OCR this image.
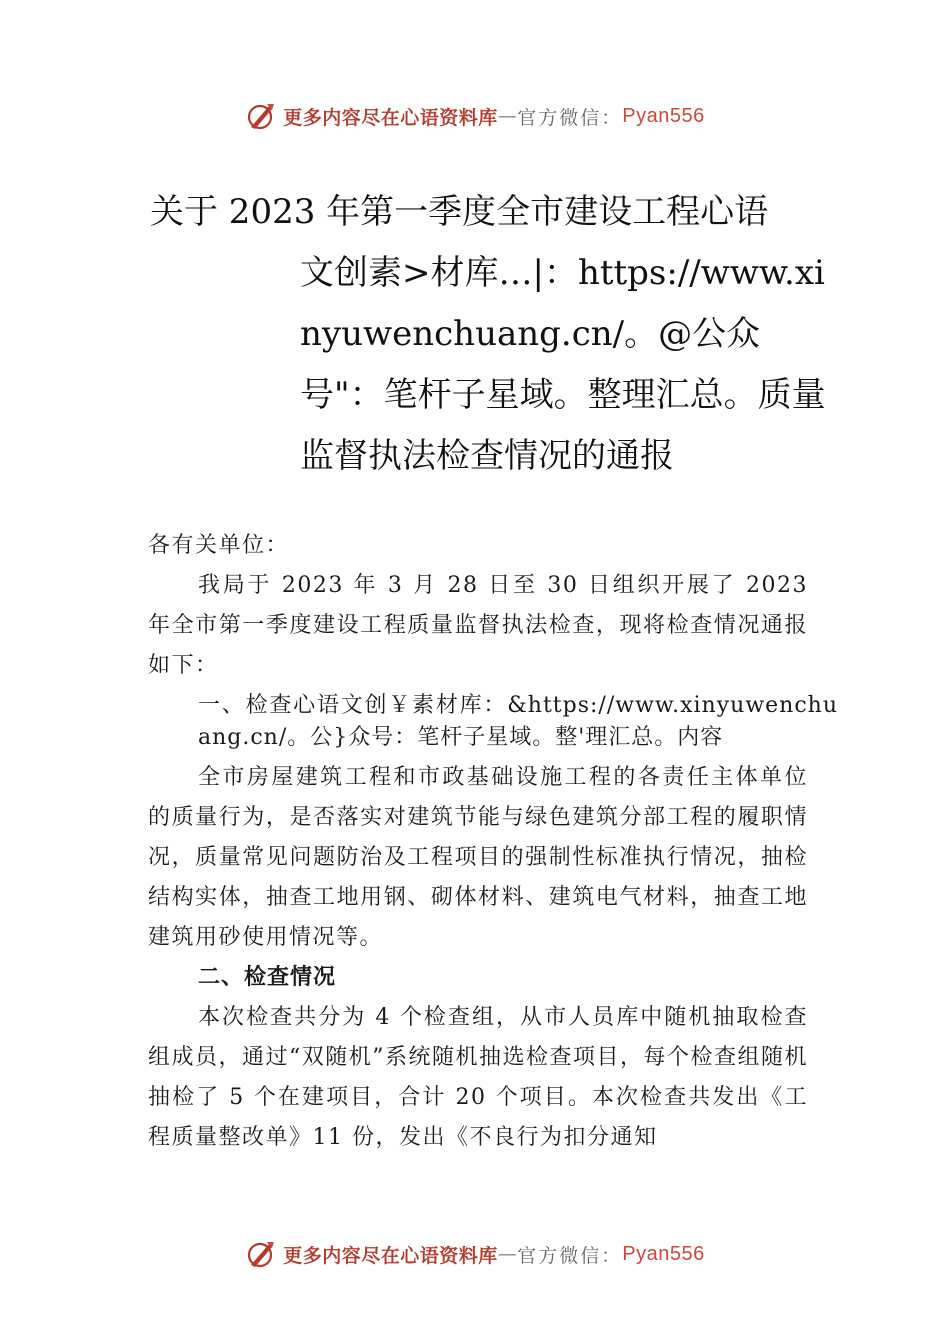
更多内容尽在心语资料库 — 官方微信： Pyan556
关于 2023 年第一季度全市建设工程心语
文创素>材库…|：https://www.xinyuwenchuang.cn/。@公众号"：笔杆子星域。整理汇总。质量监督执法检查情况的通报

各有关单位：

我局于 2023 年 3 月 28 日至 30 日组织开展了 2023 年全市第一季度建设工程质量监督执法检查，现将检查情况通报如下：

一、检查心语文创￥素材库：&https://www.xinyuwenchuang.cn/。公}众号：笔杆子星域。整'理汇总。内容

全市房屋建筑工程和市政基础设施工程的各责任主体单位的质量行为，是否落实对建筑节能与绿色建筑分部工程的履职情况，质量常见问题防治及工程项目的强制性标准执行情况，抽检结构实体，抽查工地用钢、砌体材料、建筑电气材料，抽查工地建筑用砂使用情况等。

二、检查情况

本次检查共分为 4 个检查组，从市人员库中随机抽取检查组成员，通过“双随机”系统随机抽选检查项目，每个检查组随机抽检了 5 个在建项目，合计 20 个项目。本次检查共发出《工程质量整改单》11 份，发出《不良行为扣分通知

更多内容尽在心语资料库 — 官方微信： Pyan556
